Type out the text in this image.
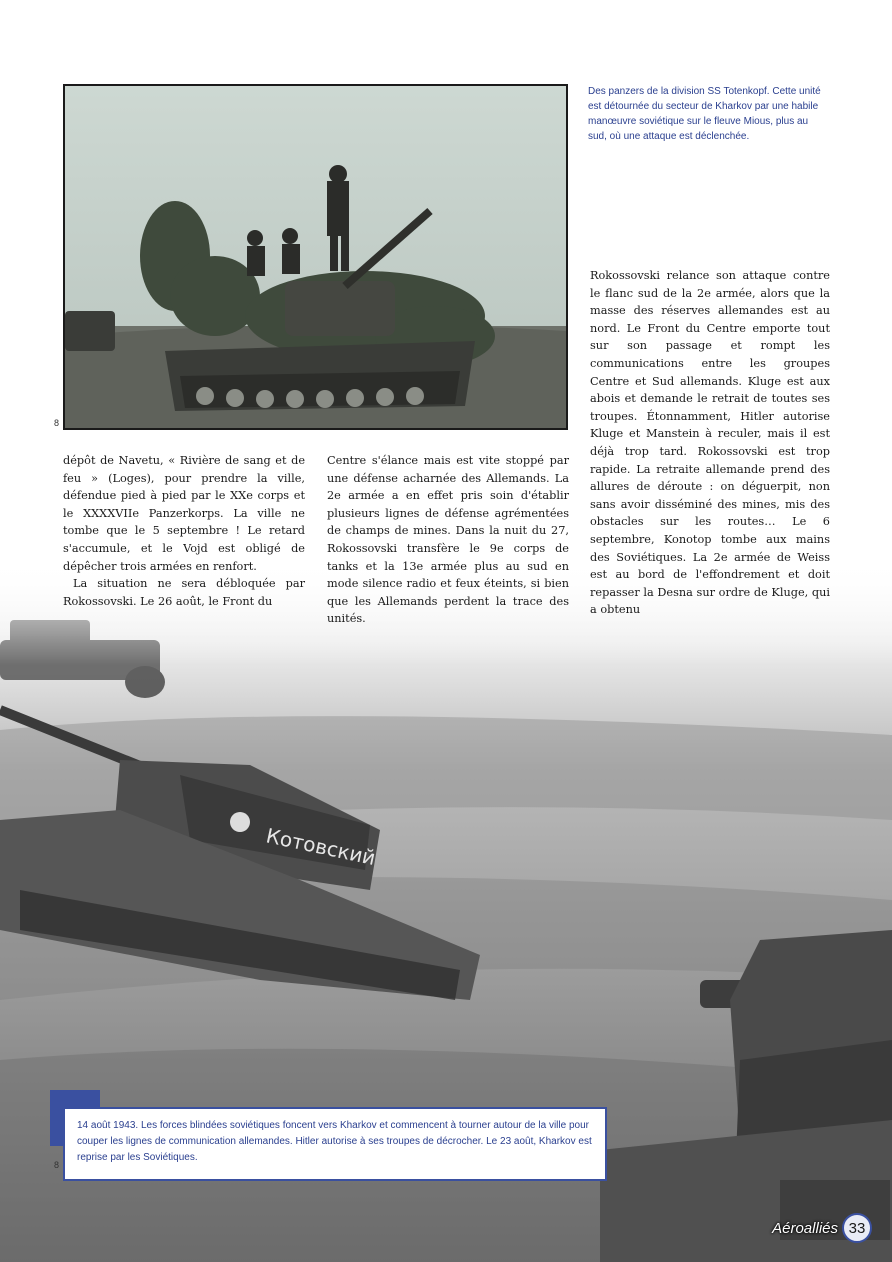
8
Des panzers de la division SS Totenkopf. Cette unité est détournée du secteur de Kharkov par une habile manœuvre soviétique sur le fleuve Mious, plus au sud, où une attaque est déclenchée.

dépôt de Navetu, « Rivière de sang et de feu » (Loges), pour prendre la ville, défendue pied à pied par le XXe corps et le XXXXVIIe Panzerkorps. La ville ne tombe que le 5 septembre ! Le retard s'accumule, et le Vojd est obligé de dépêcher trois armées en renfort.

La situation ne sera débloquée par Rokossovski. Le 26 août, le Front du

Centre s'élance mais est vite stoppé par une défense acharnée des Allemands. La 2e armée a en effet pris soin d'établir plusieurs lignes de défense agrémentées de champs de mines. Dans la nuit du 27, Rokossovski transfère le 9e corps de tanks et la 13e armée plus au sud en mode silence radio et feux éteints, si bien que les Allemands perdent la trace des unités.

Rokossovski relance son attaque contre le flanc sud de la 2e armée, alors que la masse des réserves allemandes est au nord. Le Front du Centre emporte tout sur son passage et rompt les communications entre les groupes Centre et Sud allemands. Kluge est aux abois et demande le retrait de toutes ses troupes. Étonnamment, Hitler autorise Kluge et Manstein à reculer, mais il est déjà trop tard. Rokossovski est trop rapide. La retraite allemande prend des allures de déroute : on déguerpit, non sans avoir disséminé des mines, mis des obstacles sur les routes… Le 6 septembre, Konotop tombe aux mains des Soviétiques. La 2e armée de Weiss est au bord de l'effondrement et doit repasser la Desna sur ordre de Kluge, qui a obtenu

14 août 1943. Les forces blindées soviétiques foncent vers Kharkov et commencent à tourner autour de la ville pour couper les lignes de communication allemandes. Hitler autorise à ses troupes de décrocher. Le 23 août, Kharkov est reprise par les Soviétiques.
8
Aéroalliés 33
